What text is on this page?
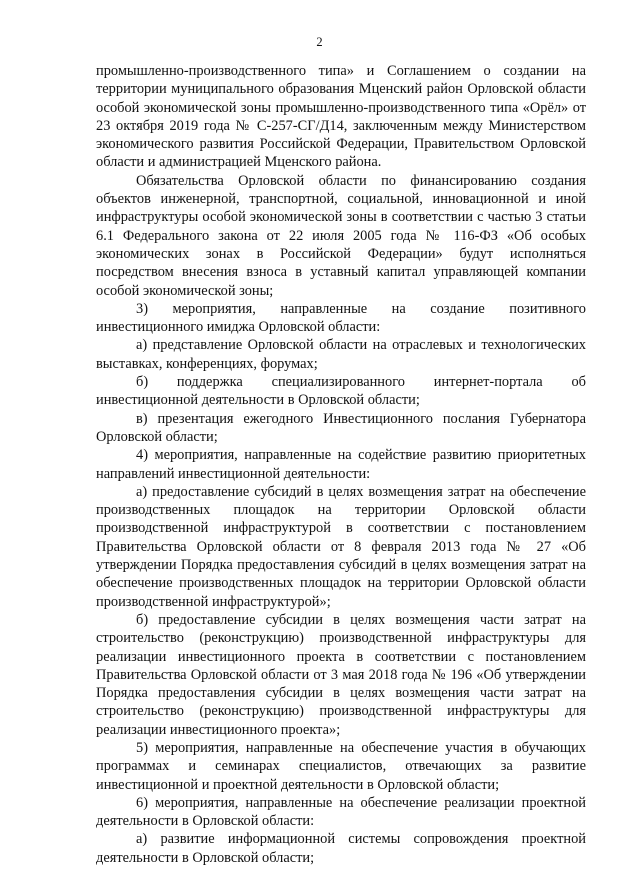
2

промышленно-производственного типа» и Соглашением о создании на территории муниципального образования Мценский район Орловской области особой экономической зоны промышленно-производственного типа «Орёл» от 23 октября 2019 года № С-257-СГ/Д14, заключенным между Министерством экономического развития Российской Федерации, Правительством Орловской области и администрацией Мценского района.

Обязательства Орловской области по финансированию создания объектов инженерной, транспортной, социальной, инновационной и иной инфраструктуры особой экономической зоны в соответствии с частью 3 статьи 6.1 Федерального закона от 22 июля 2005 года № 116-ФЗ «Об особых экономических зонах в Российской Федерации» будут исполняться посредством внесения взноса в уставный капитал управляющей компании особой экономической зоны;

3) мероприятия, направленные на создание позитивного инвестиционного имиджа Орловской области:

а) представление Орловской области на отраслевых и технологических выставках, конференциях, форумах;

б) поддержка специализированного интернет-портала об инвестиционной деятельности в Орловской области;

в) презентация ежегодного Инвестиционного послания Губернатора Орловской области;

4) мероприятия, направленные на содействие развитию приоритетных направлений инвестиционной деятельности:

а) предоставление субсидий в целях возмещения затрат на обеспечение производственных площадок на территории Орловской области производственной инфраструктурой в соответствии с постановлением Правительства Орловской области от 8 февраля 2013 года № 27 «Об утверждении Порядка предоставления субсидий в целях возмещения затрат на обеспечение производственных площадок на территории Орловской области производственной инфраструктурой»;

б) предоставление субсидии в целях возмещения части затрат на строительство (реконструкцию) производственной инфраструктуры для реализации инвестиционного проекта в соответствии с постановлением Правительства Орловской области от 3 мая 2018 года № 196 «Об утверждении Порядка предоставления субсидии в целях возмещения части затрат на строительство (реконструкцию) производственной инфраструктуры для реализации инвестиционного проекта»;

5) мероприятия, направленные на обеспечение участия в обучающих программах и семинарах специалистов, отвечающих за развитие инвестиционной и проектной деятельности в Орловской области;

6) мероприятия, направленные на обеспечение реализации проектной деятельности в Орловской области:

а) развитие информационной системы сопровождения проектной деятельности в Орловской области;
